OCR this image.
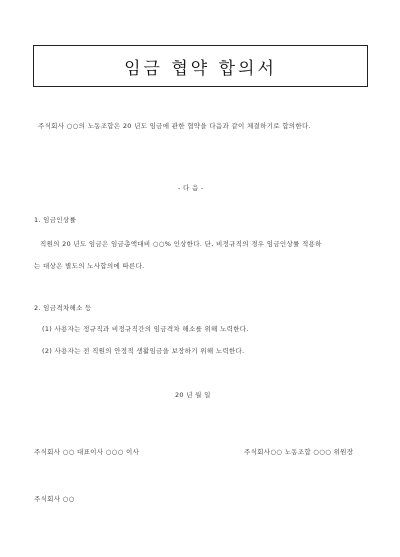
임금 협약 합의서
주식회사 ○○의 노동조합은 20 년도 임금에 관한 협약을 다음과 같이 체결하기로 합의한다.
- 다 음 -
1. 임금인상률
직원의 20 년도 임금은 임금총액대비 ○○% 인상한다. 단, 비정규직의 경우 임금인상률 적용하
는 대상은 별도의 노사합의에 따른다.
2. 임금격차해소 등
(1) 사용자는 정규직과 비정규직간의 임금격차 해소를 위해 노력한다.
(2) 사용자는 전 직원의 안정적 생활임금을 보장하기 위해 노력한다.
20 년 월 일
주식회사 ○○ 대표이사 ○○○ 이사	주식회사○○ 노동조합 ○○○ 위원장
주식회사 ○○
